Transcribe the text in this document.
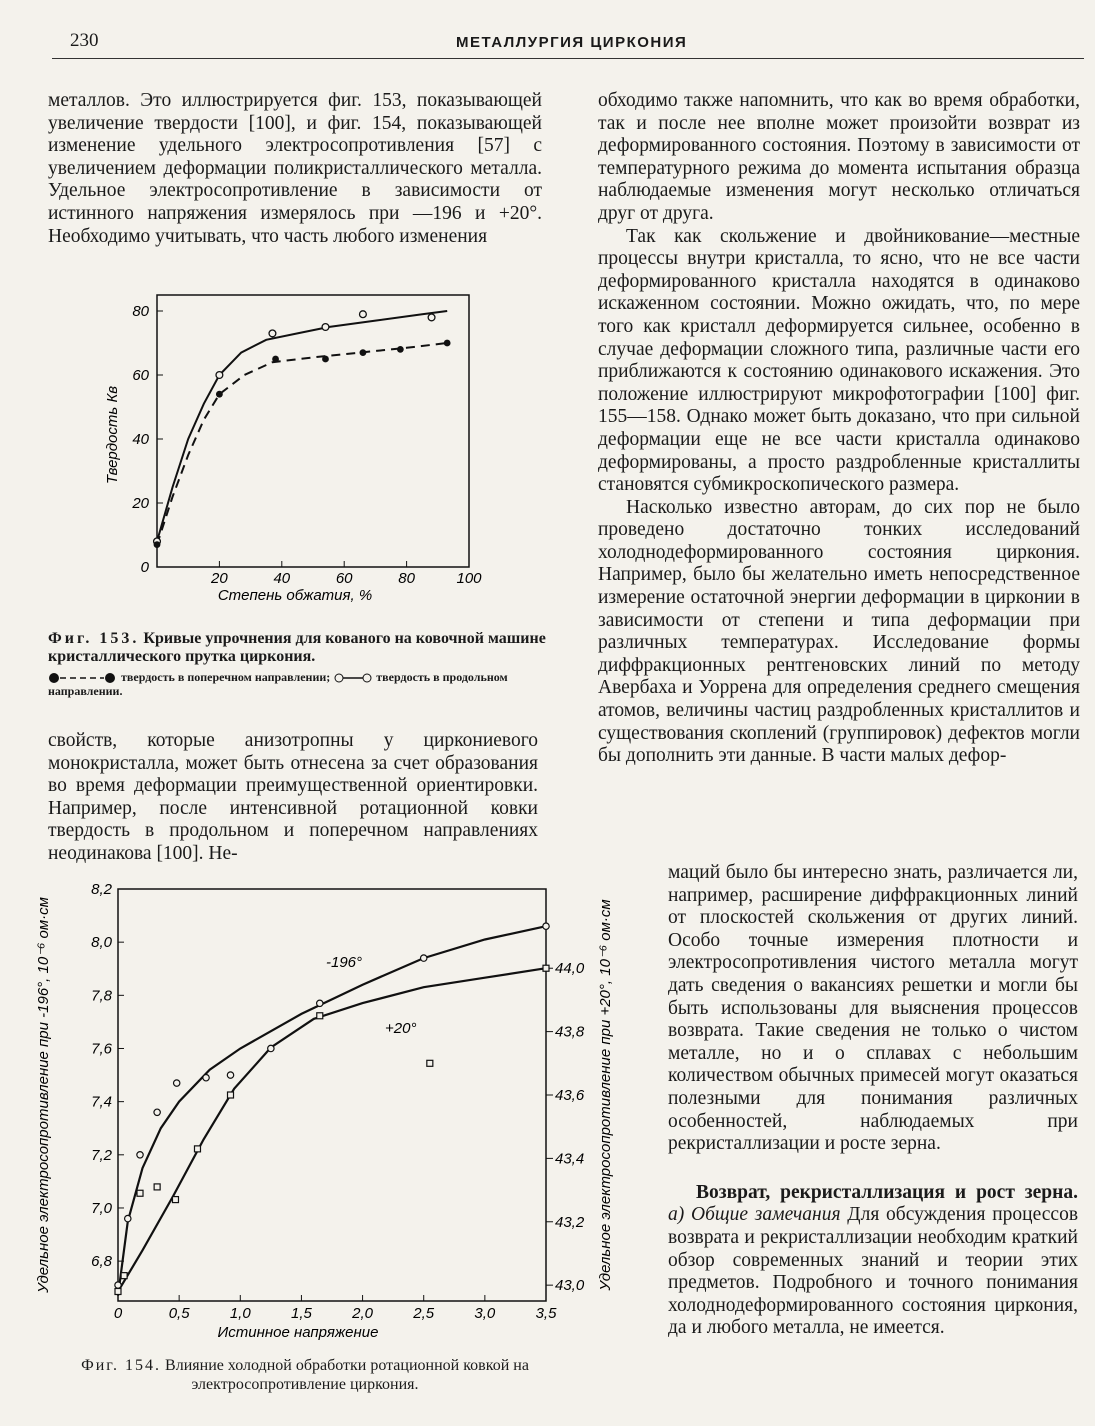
230	МЕТАЛЛУРГИЯ ЦИРКОНИЯ

металлов. Это иллюстрируется фиг. 153, показывающей увеличение твердости [100], и фиг. 154, показывающей изменение удельного электросопротивления [57] с увеличением деформации поликристаллического металла. Удельное электросопротивление в зависимости от истинного напряжения измерялось при —196 и +20°. Необходимо учитывать, что часть любого изменения

20	40	60	80	100
0
20
40
60
80
Степень обжатия, %
Твердость Кв
Фиг. 153. Кривые упрочнения для кованого на ковочной машине кристаллического прутка циркония.
твердость в поперечном направлении;	твердость в продольном направлении.

свойств, которые анизотропны у циркониевого монокристалла, может быть отнесена за счет образования во время деформации преимущественной ориентировки. Например, после интенсивной ротационной ковки твердость в продольном и поперечном направлениях неодинакова [100]. Не-

0	0,5	1,0	1,5	2,0	2,5	3,0	3,5
6,8
7,0
7,2
7,4
7,6
7,8
8,0
8,2
43,0
43,2
43,4
43,6
43,8
44,0
-196°
+20°
Истинное напряжение
Удельное электросопротивление при -196°, 10⁻⁶ ом·см	Удельное электросопротивление при +20°, 10⁻⁶ ом·см
Фиг. 154. Влияние холодной обработки ротационной ковкой на электросопротивление циркония.

обходимо также напомнить, что как во время обработки, так и после нее вполне может произойти возврат из деформированного состояния. Поэтому в зависимости от температурного режима до момента испытания образца наблюдаемые изменения могут несколько отличаться друг от друга.

Так как скольжение и двойникование—местные процессы внутри кристалла, то ясно, что не все части деформированного кристалла находятся в одинаково искаженном состоянии. Можно ожидать, что, по мере того как кристалл деформируется сильнее, особенно в случае деформации сложного типа, различные части его приближаются к состоянию одинакового искажения. Это положение иллюстрируют микрофотографии [100] фиг. 155—158. Однако может быть доказано, что при сильной деформации еще не все части кристалла одинаково деформированы, а просто раздробленные кристаллиты становятся субмикроскопического размера.

Насколько известно авторам, до сих пор не было проведено достаточно тонких исследований холоднодеформированного состояния циркония. Например, было бы желательно иметь непосредственное измерение остаточной энергии деформации в цирконии в зависимости от степени и типа деформации при различных температурах. Исследование формы диффракционных рентгеновских линий по методу Авербаха и Уоррена для определения среднего смещения атомов, величины частиц раздробленных кристаллитов и существования скоплений (группировок) дефектов могли бы дополнить эти данные. В части малых дефор-

маций было бы интересно знать, различается ли, например, расширение диффракционных линий от плоскостей скольжения от других линий. Особо точные измерения плотности и электросопротивления чистого металла могут дать сведения о вакансиях решетки и могли бы быть использованы для выяснения процессов возврата. Такие сведения не только о чистом металле, но и о сплавах с небольшим количеством обычных примесей могут оказаться полезными для понимания различных особенностей, наблюдаемых при рекристаллизации и росте зерна.

Возврат, рекристаллизация и рост зерна. а) Общие замечания Для обсуждения процессов возврата и рекристаллизации необходим краткий обзор современных знаний и теории этих предметов. Подробного и точного понимания холоднодеформированного состояния циркония, да и любого металла, не имеется.
